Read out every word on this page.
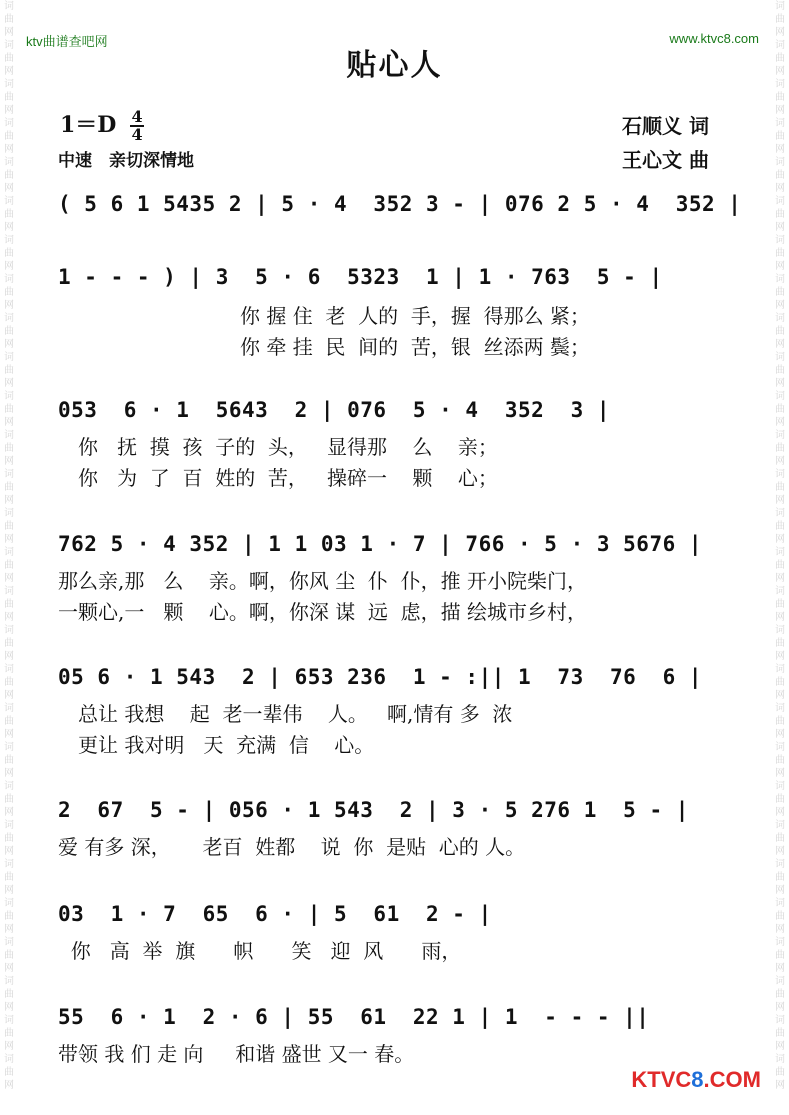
词
曲
网
词
曲
网
词
曲
网
词
曲
网
词
曲
网
词
曲
网
词
曲
网
词
曲
网
词
曲
网
词
曲
网
词
曲
网
词
曲
网
词
曲
网
词
曲
网
词
曲
网
词
曲
网
词
曲
网
词
曲
网
词
曲
网
词
曲
网
词
曲
网
词
曲
网
词
曲
网
词
曲
网
词
曲
网
词
曲
网
词
曲
网
词
曲
网
词
曲
网
词
曲
网
词
曲
网
词
曲
网
词
曲
网
词
曲
网
词
曲
网
词
曲
网
词
曲
网
词
曲
网
词
曲
网
词
曲
网
词
曲
网
词
曲
网
词
曲
网
词
曲
网
词
曲
网
词
曲
网
词
曲
网
词
曲
网
词
曲
网
词
曲
网
词
曲
网
词
曲
网
词
曲
网
词
曲
网
词
曲
网
词
曲
网
ktv曲谱查吧网	www.ktvc8.com
贴心人
$1=D \frac{4}{4}$
中速　亲切深情地
石顺义 词
王心文 曲
( 5 6 1 5435 2 | 5 · 4  352 3 - | 076 2 5 · 4  352 |
1 - - - ) | 3  5 · 6  5323  1 | 1 · 763  5 - |
你 握 住  老  人的  手，握  得那么 紧；
你 牵 挂  民  间的  苦，银  丝添两 鬓；
053  6 · 1  5643  2 | 076  5 · 4  352  3 |
你   抚  摸  孩  子的  头，   显得那    么    亲；
你   为  了  百  姓的  苦，   操碎一    颗    心；
762 5 · 4 352 | 1 1 03 1 · 7 | 766 · 5 · 3 5676 |
那么亲,那   么    亲。啊，你风 尘  仆  仆，推 开小院柴门，
一颗心,一   颗    心。啊，你深 谋  远  虑，描 绘城市乡村，
05 6 · 1 543  2 | 653 236  1 - :|| 1  73  76  6 |
总让 我想    起  老一辈伟    人。   啊,情有 多  浓
更让 我对明   天  充满  信    心。
2  67  5 - | 056 · 1 543  2 | 3 · 5 276 1  5 - |
爱 有多 深，     老百  姓都    说  你  是贴  心的 人。
03  1 · 7  65  6 · | 5  61  2 - |
你   高  举  旗      帜      笑   迎  风      雨，
55  6 · 1  2 · 6 | 55  61  22 1 | 1  - - - ||
带领 我 们 走 向     和谐 盛世 又一 春。
KTVC8.COM
